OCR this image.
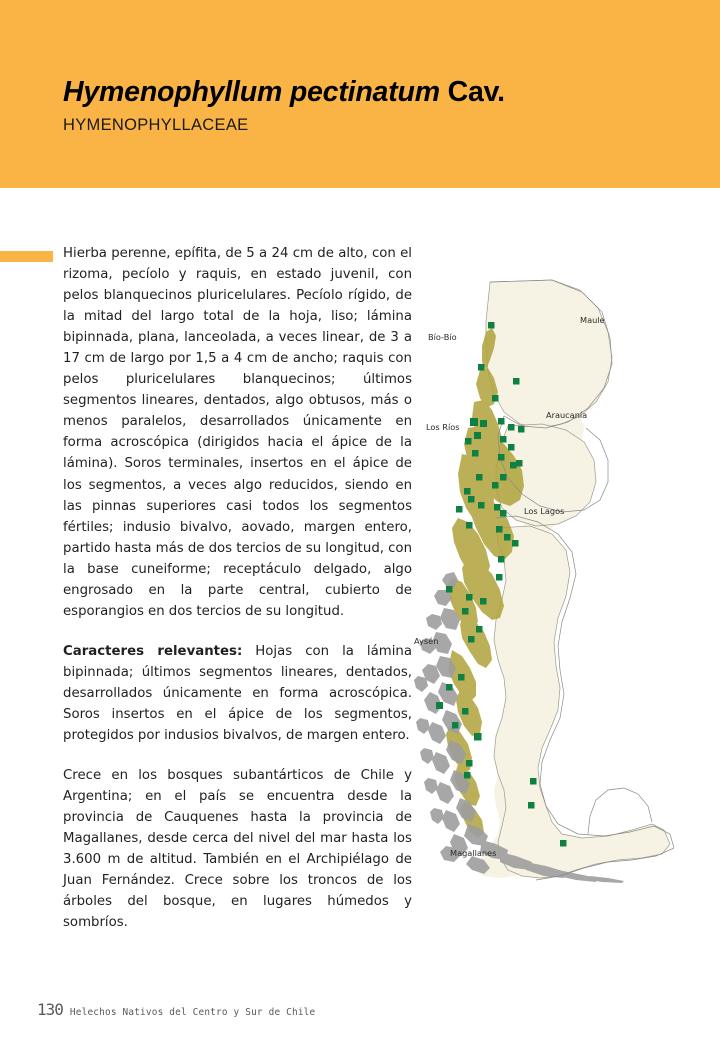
Hymenophyllum pectinatum Cav.
HYMENOPHYLLACEAE

Hierba perenne, epífita, de 5 a 24 cm de alto, con el rizoma, pecíolo y raquis, en estado juvenil, con pelos blanquecinos pluricelulares. Pecíolo rígido, de la mitad del largo total de la hoja, liso; lámina bipinnada, plana, lanceolada, a veces linear, de 3 a 17 cm de largo por 1,5 a 4 cm de ancho; raquis con pelos pluricelulares blanquecinos; últimos segmentos lineares, dentados, algo obtusos, más o menos paralelos, desarrollados únicamente en forma acroscópica (dirigidos hacia el ápice de la lámina). Soros terminales, insertos en el ápice de los segmentos, a veces algo reducidos, siendo en las pinnas superiores casi todos los segmentos fértiles; indusio bivalvo, aovado, margen entero, partido hasta más de dos tercios de su longitud, con la base cuneiforme; receptáculo delgado, algo engrosado en la parte central, cubierto de esporangios en dos tercios de su longitud.

Caracteres relevantes: Hojas con la lámina bipinnada; últimos segmentos lineares, dentados, desarrollados únicamente en forma acroscópica. Soros insertos en el ápice de los segmentos, protegidos por indusios bivalvos, de margen entero.

Crece en los bosques subantárticos de Chile y Argentina; en el país se encuentra desde la provincia de Cauquenes hasta la provincia de Magallanes, desde cerca del nivel del mar hasta los 3.600 m de altitud. También en el Archipiélago de Juan Fernández. Crece sobre los troncos de los árboles del bosque, en lugares húmedos y sombríos.

Maule
Bío-Bío
Araucanía
Los Ríos
Los Lagos
Aysén
Magallanes
130 Helechos Nativos del Centro y Sur de Chile
